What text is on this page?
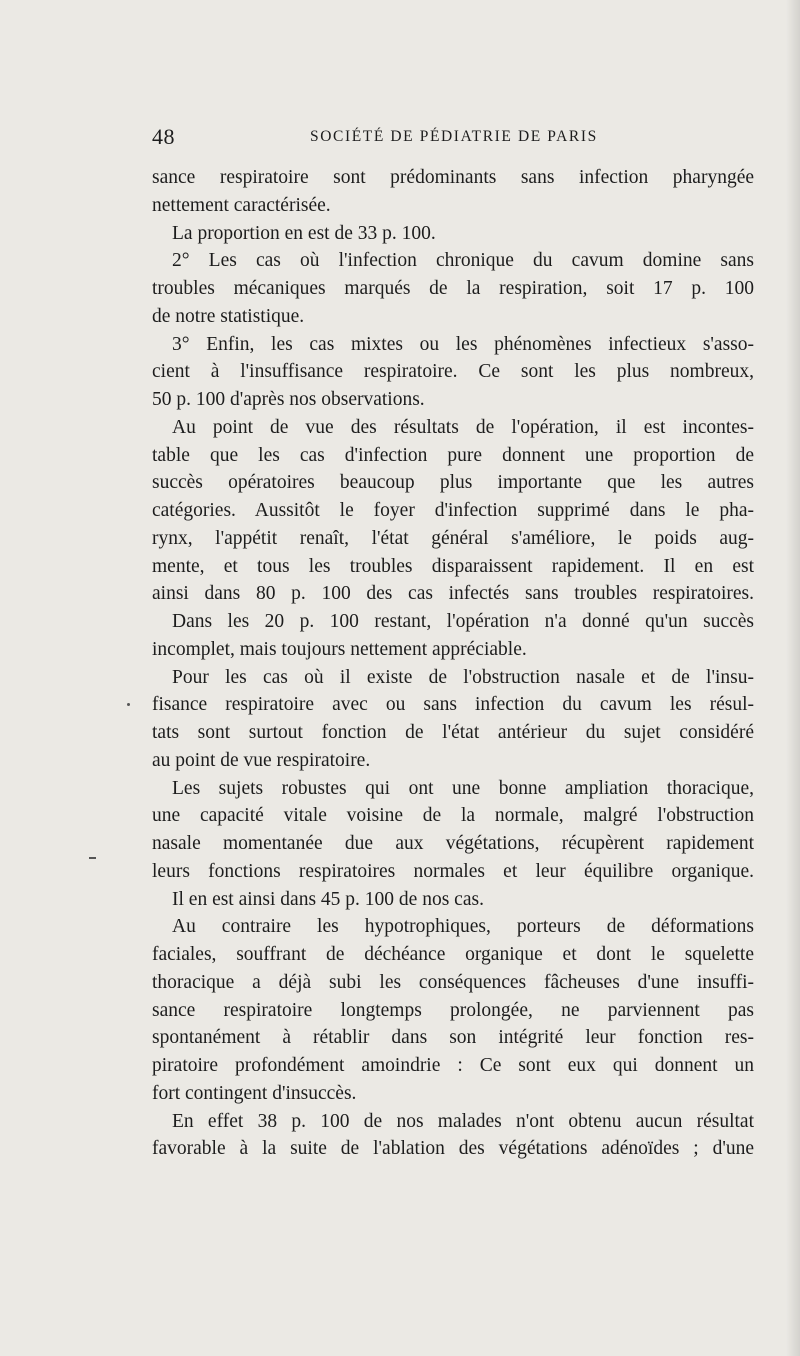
48	SOCIÉTÉ DE PÉDIATRIE DE PARIS
sance respiratoire sont prédominants sans infection pharyngée
nettement caractérisée.
La proportion en est de 33 p. 100.
2° Les cas où l'infection chronique du cavum domine sans
troubles mécaniques marqués de la respiration, soit 17 p. 100
de notre statistique.
3° Enfin, les cas mixtes ou les phénomènes infectieux s'asso-
cient à l'insuffisance respiratoire. Ce sont les plus nombreux,
50 p. 100 d'après nos observations.
Au point de vue des résultats de l'opération, il est incontes-
table que les cas d'infection pure donnent une proportion de
succès opératoires beaucoup plus importante que les autres
catégories. Aussitôt le foyer d'infection supprimé dans le pha-
rynx, l'appétit renaît, l'état général s'améliore, le poids aug-
mente, et tous les troubles disparaissent rapidement. Il en est
ainsi dans 80 p. 100 des cas infectés sans troubles respiratoires.
Dans les 20 p. 100 restant, l'opération n'a donné qu'un succès
incomplet, mais toujours nettement appréciable.
Pour les cas où il existe de l'obstruction nasale et de l'insu-
fisance respiratoire avec ou sans infection du cavum les résul-
tats sont surtout fonction de l'état antérieur du sujet considéré
au point de vue respiratoire.
Les sujets robustes qui ont une bonne ampliation thoracique,
une capacité vitale voisine de la normale, malgré l'obstruction
nasale momentanée due aux végétations, récupèrent rapidement
leurs fonctions respiratoires normales et leur équilibre organique.
Il en est ainsi dans 45 p. 100 de nos cas.
Au contraire les hypotrophiques, porteurs de déformations
faciales, souffrant de déchéance organique et dont le squelette
thoracique a déjà subi les conséquences fâcheuses d'une insuffi-
sance respiratoire longtemps prolongée, ne parviennent pas
spontanément à rétablir dans son intégrité leur fonction res-
piratoire profondément amoindrie : Ce sont eux qui donnent un
fort contingent d'insuccès.
En effet 38 p. 100 de nos malades n'ont obtenu aucun résultat
favorable à la suite de l'ablation des végétations adénoïdes ; d'une
